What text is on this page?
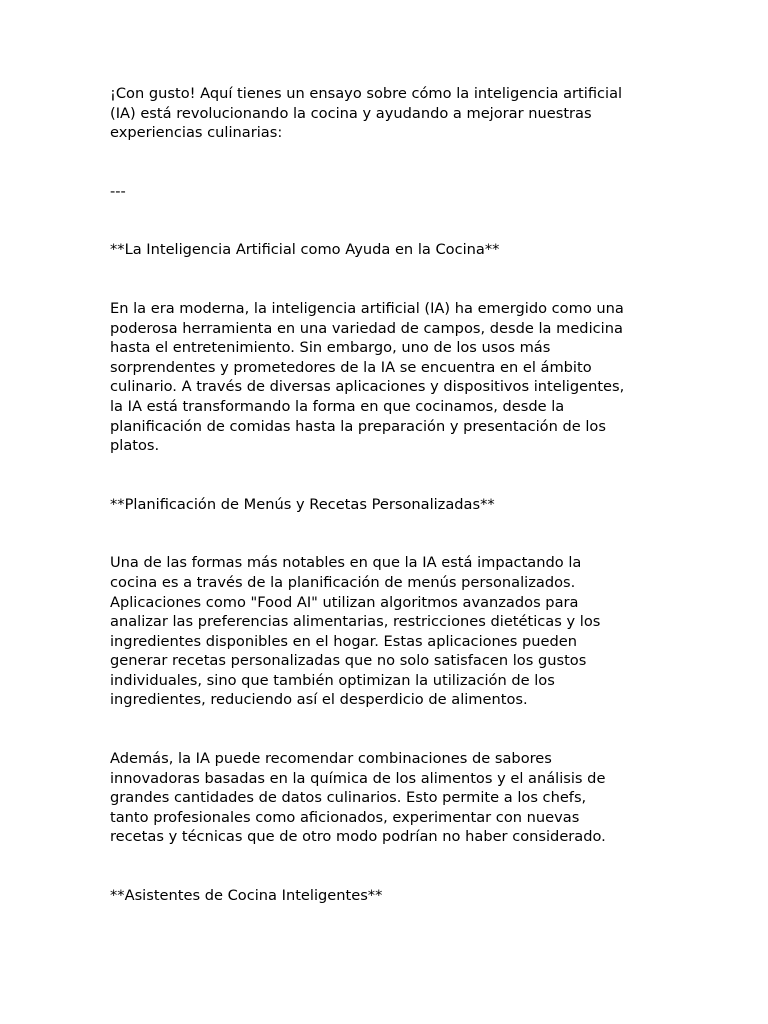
¡Con gusto! Aquí tienes un ensayo sobre cómo la inteligencia artificial
(IA) está revolucionando la cocina y ayudando a mejorar nuestras
experiencias culinarias:

---

**La Inteligencia Artificial como Ayuda en la Cocina**

En la era moderna, la inteligencia artificial (IA) ha emergido como una
poderosa herramienta en una variedad de campos, desde la medicina
hasta el entretenimiento. Sin embargo, uno de los usos más
sorprendentes y prometedores de la IA se encuentra en el ámbito
culinario. A través de diversas aplicaciones y dispositivos inteligentes,
la IA está transformando la forma en que cocinamos, desde la
planificación de comidas hasta la preparación y presentación de los
platos.

**Planificación de Menús y Recetas Personalizadas**

Una de las formas más notables en que la IA está impactando la
cocina es a través de la planificación de menús personalizados.
Aplicaciones como "Food AI" utilizan algoritmos avanzados para
analizar las preferencias alimentarias, restricciones dietéticas y los
ingredientes disponibles en el hogar. Estas aplicaciones pueden
generar recetas personalizadas que no solo satisfacen los gustos
individuales, sino que también optimizan la utilización de los
ingredientes, reduciendo así el desperdicio de alimentos.

Además, la IA puede recomendar combinaciones de sabores
innovadoras basadas en la química de los alimentos y el análisis de
grandes cantidades de datos culinarios. Esto permite a los chefs,
tanto profesionales como aficionados, experimentar con nuevas
recetas y técnicas que de otro modo podrían no haber considerado.

**Asistentes de Cocina Inteligentes**
